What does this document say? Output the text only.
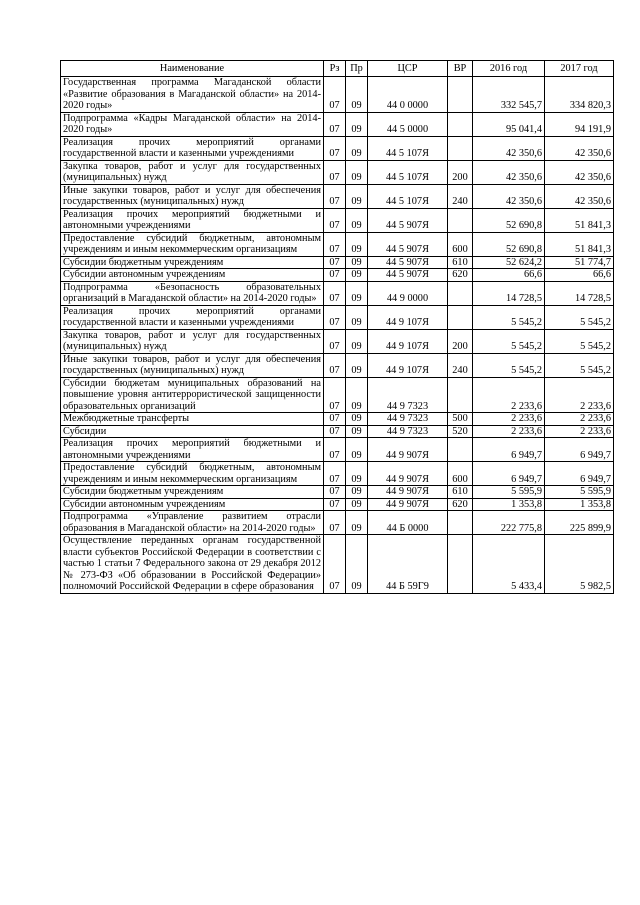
Наименование	Рз	Пр	ЦСР	ВР	2016 год	2017 год
Государственная программа Магаданской области «Развитие образования в Магаданской области» на 2014-2020 годы»	07	09	44 0 0000		332 545,7	334 820,3
Подпрограмма «Кадры Магаданской области» на 2014-2020 годы»	07	09	44 5 0000		95 041,4	94 191,9
Реализация прочих мероприятий органами государственной власти и казенными учреждениями	07	09	44 5 107Я		42 350,6	42 350,6
Закупка товаров, работ и услуг для государственных (муниципальных) нужд	07	09	44 5 107Я	200	42 350,6	42 350,6
Иные закупки товаров, работ и услуг для обеспечения государственных (муниципальных) нужд	07	09	44 5 107Я	240	42 350,6	42 350,6
Реализация прочих мероприятий бюджетными и автономными учреждениями	07	09	44 5 907Я		52 690,8	51 841,3
Предоставление субсидий бюджетным, автономным учреждениям и иным некоммерческим организациям	07	09	44 5 907Я	600	52 690,8	51 841,3
Субсидии бюджетным учреждениям	07	09	44 5 907Я	610	52 624,2	51 774,7
Субсидии автономным учреждениям	07	09	44 5 907Я	620	66,6	66,6
Подпрограмма «Безопасность образовательных организаций в Магаданской области» на 2014-2020 годы»	07	09	44 9 0000		14 728,5	14 728,5
Реализация прочих мероприятий органами государственной власти и казенными учреждениями	07	09	44 9 107Я		5 545,2	5 545,2
Закупка товаров, работ и услуг для государственных (муниципальных) нужд	07	09	44 9 107Я	200	5 545,2	5 545,2
Иные закупки товаров, работ и услуг для обеспечения государственных (муниципальных) нужд	07	09	44 9 107Я	240	5 545,2	5 545,2
Субсидии бюджетам муниципальных образований на повышение уровня антитеррористической защищенности образовательных организаций	07	09	44 9 7323		2 233,6	2 233,6
Межбюджетные трансферты	07	09	44 9 7323	500	2 233,6	2 233,6
Субсидии	07	09	44 9 7323	520	2 233,6	2 233,6
Реализация прочих мероприятий бюджетными и автономными учреждениями	07	09	44 9 907Я		6 949,7	6 949,7
Предоставление субсидий бюджетным, автономным учреждениям и иным некоммерческим организациям	07	09	44 9 907Я	600	6 949,7	6 949,7
Субсидии бюджетным учреждениям	07	09	44 9 907Я	610	5 595,9	5 595,9
Субсидии автономным учреждениям	07	09	44 9 907Я	620	1 353,8	1 353,8
Подпрограмма «Управление развитием отрасли образования в Магаданской области» на 2014-2020 годы»	07	09	44 Б 0000		222 775,8	225 899,9
Осуществление переданных органам государственной власти субъектов Российской Федерации в соответствии с частью 1 статьи 7 Федерального закона от 29 декабря 2012 № 273-ФЗ «Об образовании в Российской Федерации» полномочий Российской Федерации в сфере образования	07	09	44 Б 59Г9		5 433,4	5 982,5
